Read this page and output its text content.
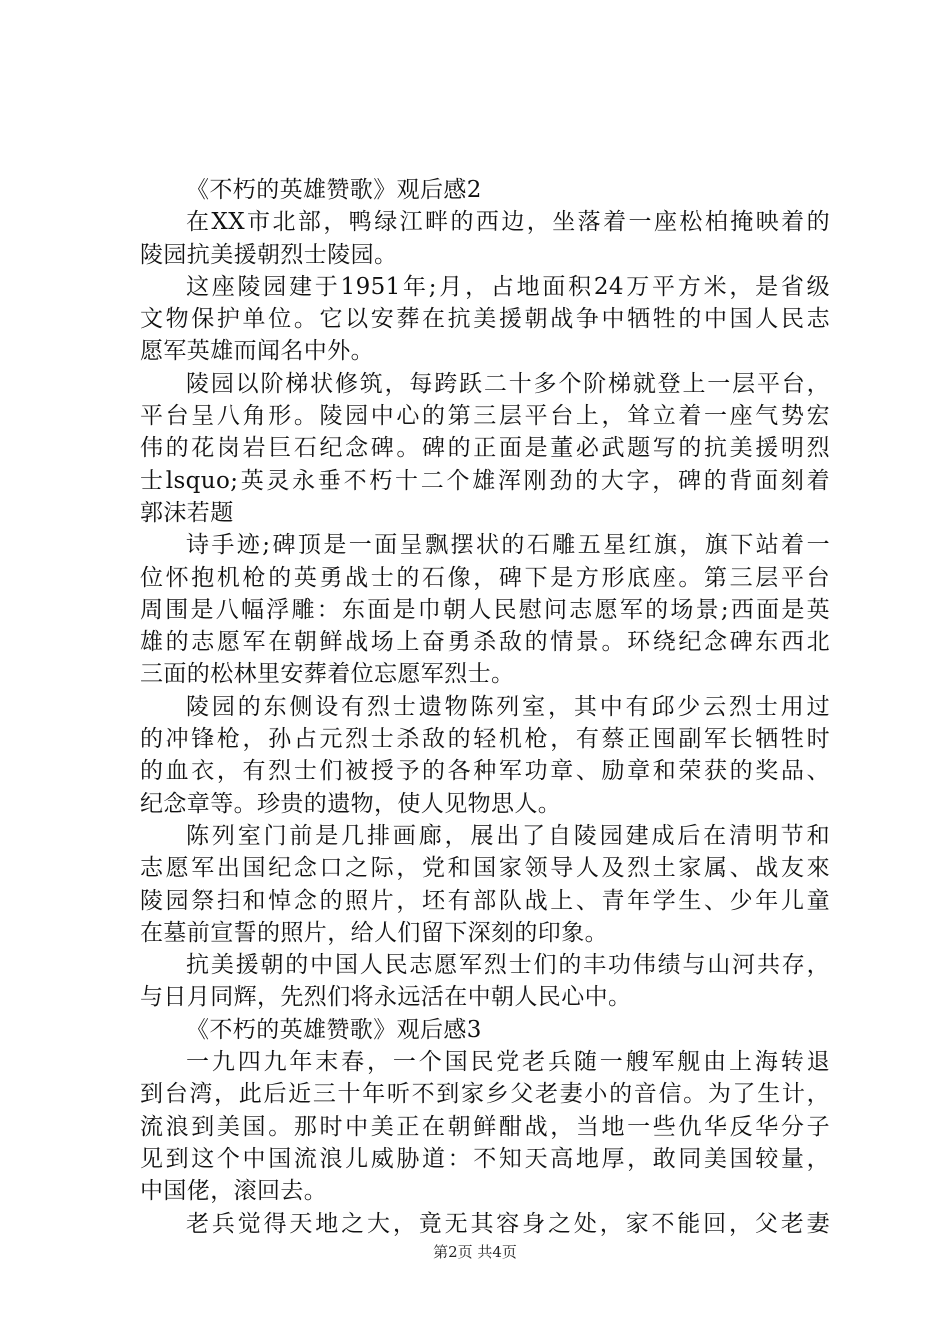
《不朽的英雄赞歌》观后感2
在XX市北部，鸭绿江畔的西边，坐落着一座松柏掩映着的
陵园抗美援朝烈士陵园。
这座陵园建于1951年;月，占地面积24万平方米，是省级
文物保护单位。它以安葬在抗美援朝战争中牺牲的中国人民志
愿军英雄而闻名中外。
陵园以阶梯状修筑，每跨跃二十多个阶梯就登上一层平台，
平台呈八角形。陵园中心的第三层平台上，耸立着一座气势宏
伟的花岗岩巨石纪念碑。碑的正面是董必武题写的抗美援明烈
士lsquo;英灵永垂不朽十二个雄浑刚劲的大字，碑的背面刻着
郭沫若题
诗手迹;碑顶是一面呈飘摆状的石雕五星红旗，旗下站着一
位怀抱机枪的英勇战士的石像，碑下是方形底座。第三层平台
周围是八幅浮雕：东面是巾朝人民慰问志愿军的场景;西面是英
雄的志愿军在朝鲜战场上奋勇杀敌的情景。环绕纪念碑东西北
三面的松林里安葬着位忘愿军烈士。
陵园的东侧设有烈士遗物陈列室，其中有邱少云烈士用过
的冲锋枪，孙占元烈士杀敌的轻机枪，有蔡正囤副军长牺牲时
的血衣，有烈士们被授予的各种军功章、励章和荣获的奖品、
纪念章等。珍贵的遗物，使人见物思人。
陈列室门前是几排画廊，展出了自陵园建成后在清明节和
志愿军出国纪念口之际，党和国家领导人及烈土家属、战友來
陵园祭扫和悼念的照片，坯有部队战上、青年学生、少年儿童
在墓前宣誓的照片，给人们留下深刻的印象。
抗美援朝的中国人民志愿军烈士们的丰功伟绩与山河共存，
与日月同辉，先烈们将永远活在中朝人民心中。
《不朽的英雄赞歌》观后感3
一九四九年末春，一个国民党老兵随一艘军舰由上海转退
到台湾，此后近三十年听不到家乡父老妻小的音信。为了生计，
流浪到美国。那时中美正在朝鲜酣战，当地一些仇华反华分子
见到这个中国流浪儿威胁道：不知天高地厚，敢同美国较量，
中国佬，滚回去。
老兵觉得天地之大，竟无其容身之处，家不能回，父老妻
第2页 共4页
